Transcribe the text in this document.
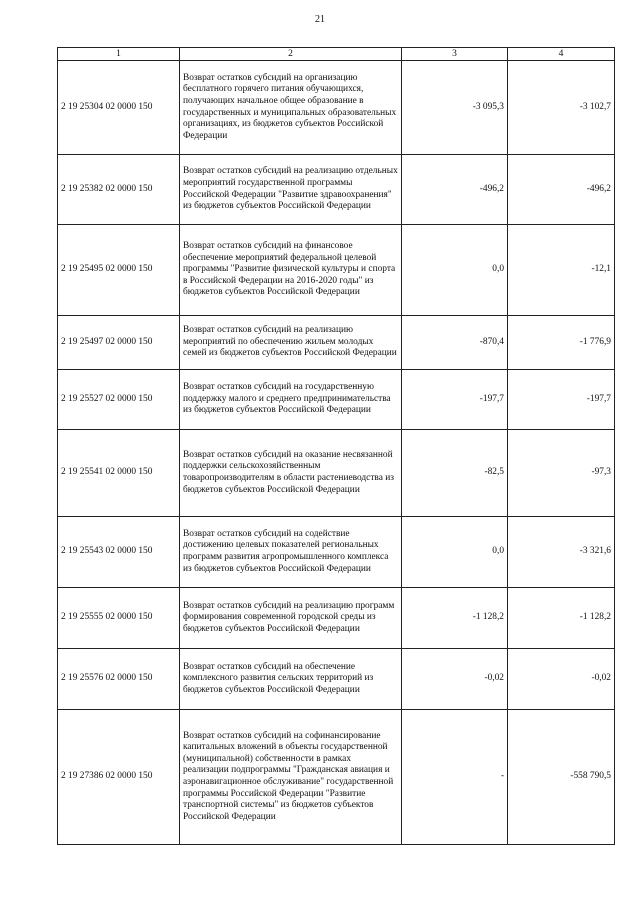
21
1	2	3	4
2 19 25304 02 0000 150	Возврат остатков субсидий на организацию бесплатного горячего питания обучающихся, получающих начальное общее образование в государственных и муниципальных образовательных организациях, из бюджетов субъектов Российской Федерации	-3 095,3	-3 102,7
2 19 25382 02 0000 150	Возврат остатков субсидий на реализацию отдельных мероприятий государственной программы Российской Федерации "Развитие здравоохранения" из бюджетов субъектов Российской Федерации	-496,2	-496,2
2 19 25495 02 0000 150	Возврат остатков субсидий на финансовое обеспечение мероприятий федеральной целевой программы "Развитие физической культуры и спорта в Российской Федерации на 2016-2020 годы" из бюджетов субъектов Российской Федерации	0,0	-12,1
2 19 25497 02 0000 150	Возврат остатков субсидий на реализацию мероприятий по обеспечению жильем молодых семей из бюджетов субъектов Российской Федерации	-870,4	-1 776,9
2 19 25527 02 0000 150	Возврат остатков субсидий на государственную поддержку малого и среднего предпринимательства из бюджетов субъектов Российской Федерации	-197,7	-197,7
2 19 25541 02 0000 150	Возврат остатков субсидий на оказание несвязанной поддержки сельскохозяйственным товаропроизводителям в области растениеводства из бюджетов субъектов Российской Федерации	-82,5	-97,3
2 19 25543 02 0000 150	Возврат остатков субсидий на содействие достижению целевых показателей региональных программ развития агропромышленного комплекса из бюджетов субъектов Российской Федерации	0,0	-3 321,6
2 19 25555 02 0000 150	Возврат остатков субсидий на реализацию программ формирования современной городской среды из бюджетов субъектов Российской Федерации	-1 128,2	-1 128,2
2 19 25576 02 0000 150	Возврат остатков субсидий на обеспечение комплексного развития сельских территорий из бюджетов субъектов Российской Федерации	-0,02	-0,02
2 19 27386 02 0000 150	Возврат остатков субсидий на софинансирование капитальных вложений в объекты государственной (муниципальной) собственности в рамках реализации подпрограммы "Гражданская авиация и аэронавигационное обслуживание" государственной программы Российской Федерации "Развитие транспортной системы" из бюджетов субъектов Российской Федерации	-	-558 790,5
